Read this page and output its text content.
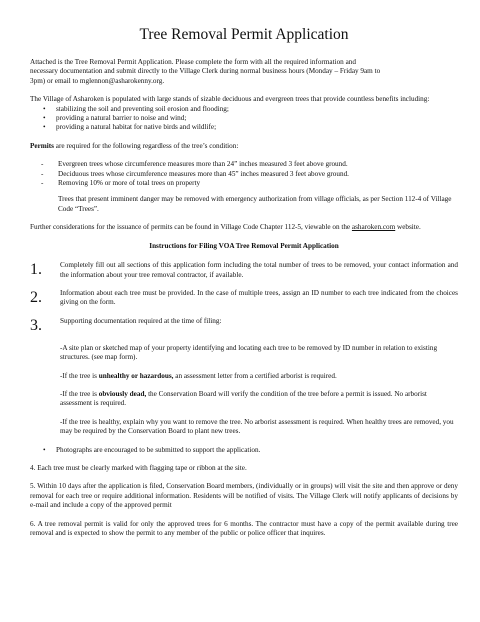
Tree Removal Permit Application

Attached is the Tree Removal Permit Application. Please complete the form with all the required information and
necessary documentation and submit directly to the Village Clerk during normal business hours (Monday – Friday 9am to
3pm) or email to mglennon@asharokenny.org.

The Village of Asharoken is populated with large stands of sizable deciduous and evergreen trees that provide countless benefits including:

• stabilizing the soil and preventing soil erosion and flooding;
• providing a natural barrier to noise and wind;
• providing a natural habitat for native birds and wildlife;

Permits are required for the following regardless of the tree’s condition:

- Evergreen trees whose circumference measures more than 24” inches measured 3 feet above ground.
- Deciduous trees whose circumference measures more than 45” inches measured 3 feet above ground.
- Removing 10% or more of total trees on property

Trees that present imminent danger may be removed with emergency authorization from village officials, as per Section 112-4 of Village Code “Trees”.

Further considerations for the issuance of permits can be found in Village Code Chapter 112-5, viewable on the asharoken.com website.

Instructions for Filing VOA Tree Removal Permit Application

1.	Completely fill out all sections of this application form including the total number of trees to be removed, your contact information and the information about your tree removal contractor, if available.

2.	Information about each tree must be provided. In the case of multiple trees, assign an ID number to each tree indicated from the choices giving on the form.

3.	Supporting documentation required at the time of filing:

-A site plan or sketched map of your property identifying and locating each tree to be removed by ID number in relation to existing structures. (see map form).

-If the tree is unhealthy or hazardous, an assessment letter from a certified arborist is required.

-If the tree is obviously dead, the Conservation Board will verify the condition of the tree before a permit is issued. No arborist assessment is required.

-If the tree is healthy, explain why you want to remove the tree. No arborist assessment is required. When healthy trees are removed, you may be required by the Conservation Board to plant new trees.

• Photographs are encouraged to be submitted to support the application.

4. Each tree must be clearly marked with flagging tape or ribbon at the site.

5. Within 10 days after the application is filed, Conservation Board members, (individually or in groups) will visit the site and then approve or deny removal for each tree or require additional information. Residents will be notified of visits. The Village Clerk will notify applicants of decisions by e-mail and include a copy of the approved permit

6. A tree removal permit is valid for only the approved trees for 6 months. The contractor must have a copy of the permit available during tree removal and is expected to show the permit to any member of the public or police officer that inquires.
